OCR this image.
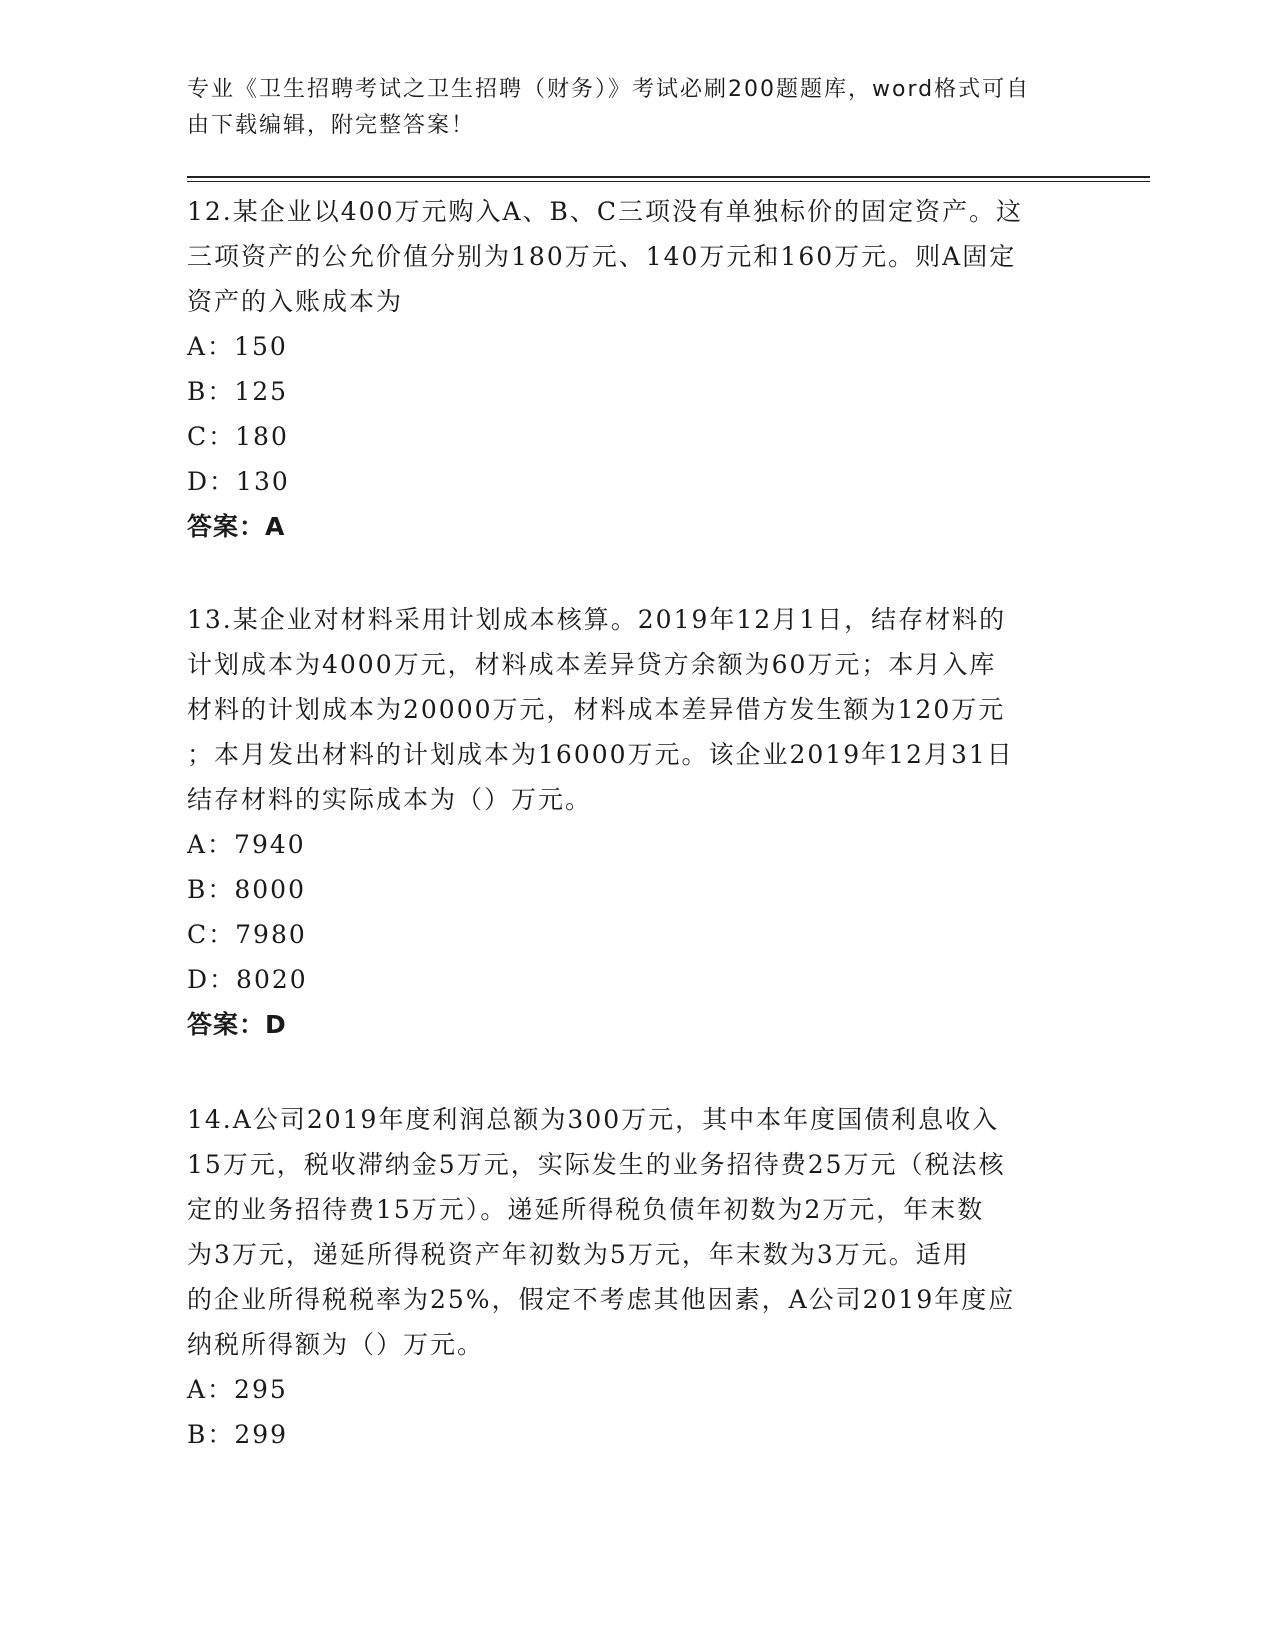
专业《卫生招聘考试之卫生招聘（财务）》考试必刷200题题库，word格式可自
由下载编辑，附完整答案！

12.某企业以400万元购入A、B、C三项没有单独标价的固定资产。这

三项资产的公允价值分别为180万元、140万元和160万元。则A固定

资产的入账成本为

A：150

B：125

C：180

D：130

答案：A

13.某企业对材料采用计划成本核算。2019年12月1日，结存材料的

计划成本为4000万元，材料成本差异贷方余额为60万元；本月入库

材料的计划成本为20000万元，材料成本差异借方发生额为120万元

；本月发出材料的计划成本为16000万元。该企业2019年12月31日

结存材料的实际成本为（）万元。

A：7940

B：8000

C：7980

D：8020

答案：D

14.A公司2019年度利润总额为300万元，其中本年度国债利息收入

15万元，税收滞纳金5万元，实际发生的业务招待费25万元（税法核

定的业务招待费15万元）。递延所得税负债年初数为2万元，年末数

为3万元，递延所得税资产年初数为5万元，年末数为3万元。适用

的企业所得税税率为25%，假定不考虑其他因素，A公司2019年度应

纳税所得额为（）万元。

A：295

B：299
